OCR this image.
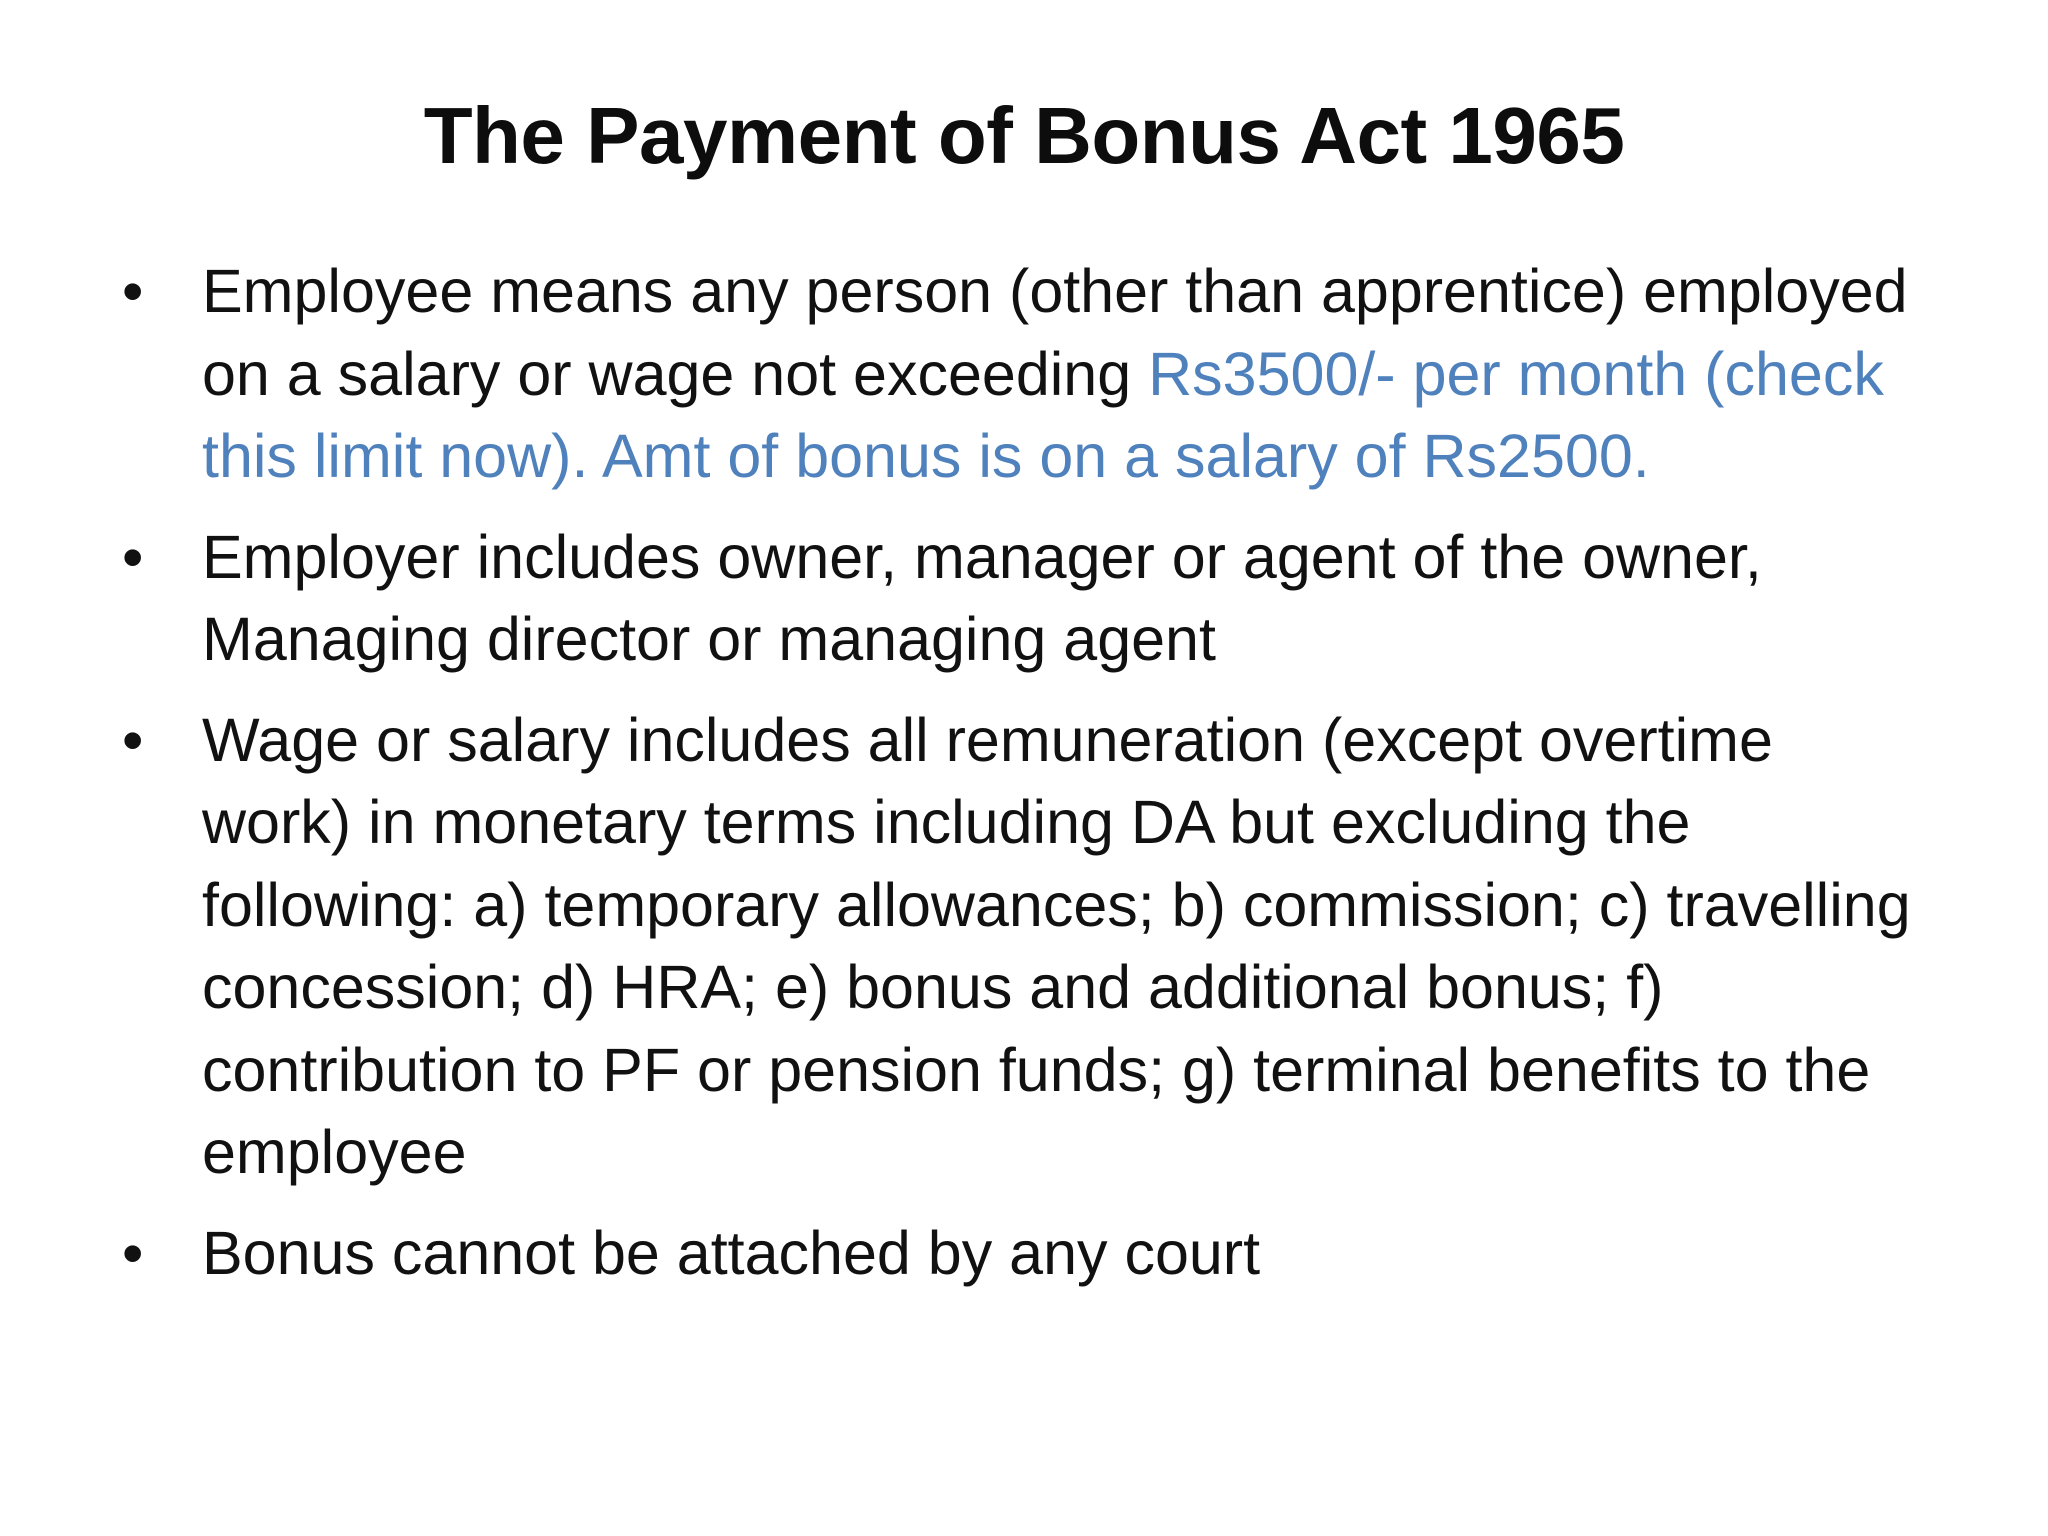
The Payment of Bonus Act 1965
• Employee means any person (other than apprentice) employed on a salary or wage not exceeding Rs3500/- per month (check this limit now). Amt of bonus is on a salary of Rs2500.
• Employer includes owner, manager or agent of the owner, Managing director or managing agent
• Wage or salary includes all remuneration (except overtime work) in monetary terms including DA but excluding the following: a) temporary allowances; b) commission; c) travelling concession; d) HRA; e) bonus and additional bonus; f) contribution to PF or pension funds; g) terminal benefits to the employee
• Bonus cannot be attached by any court
